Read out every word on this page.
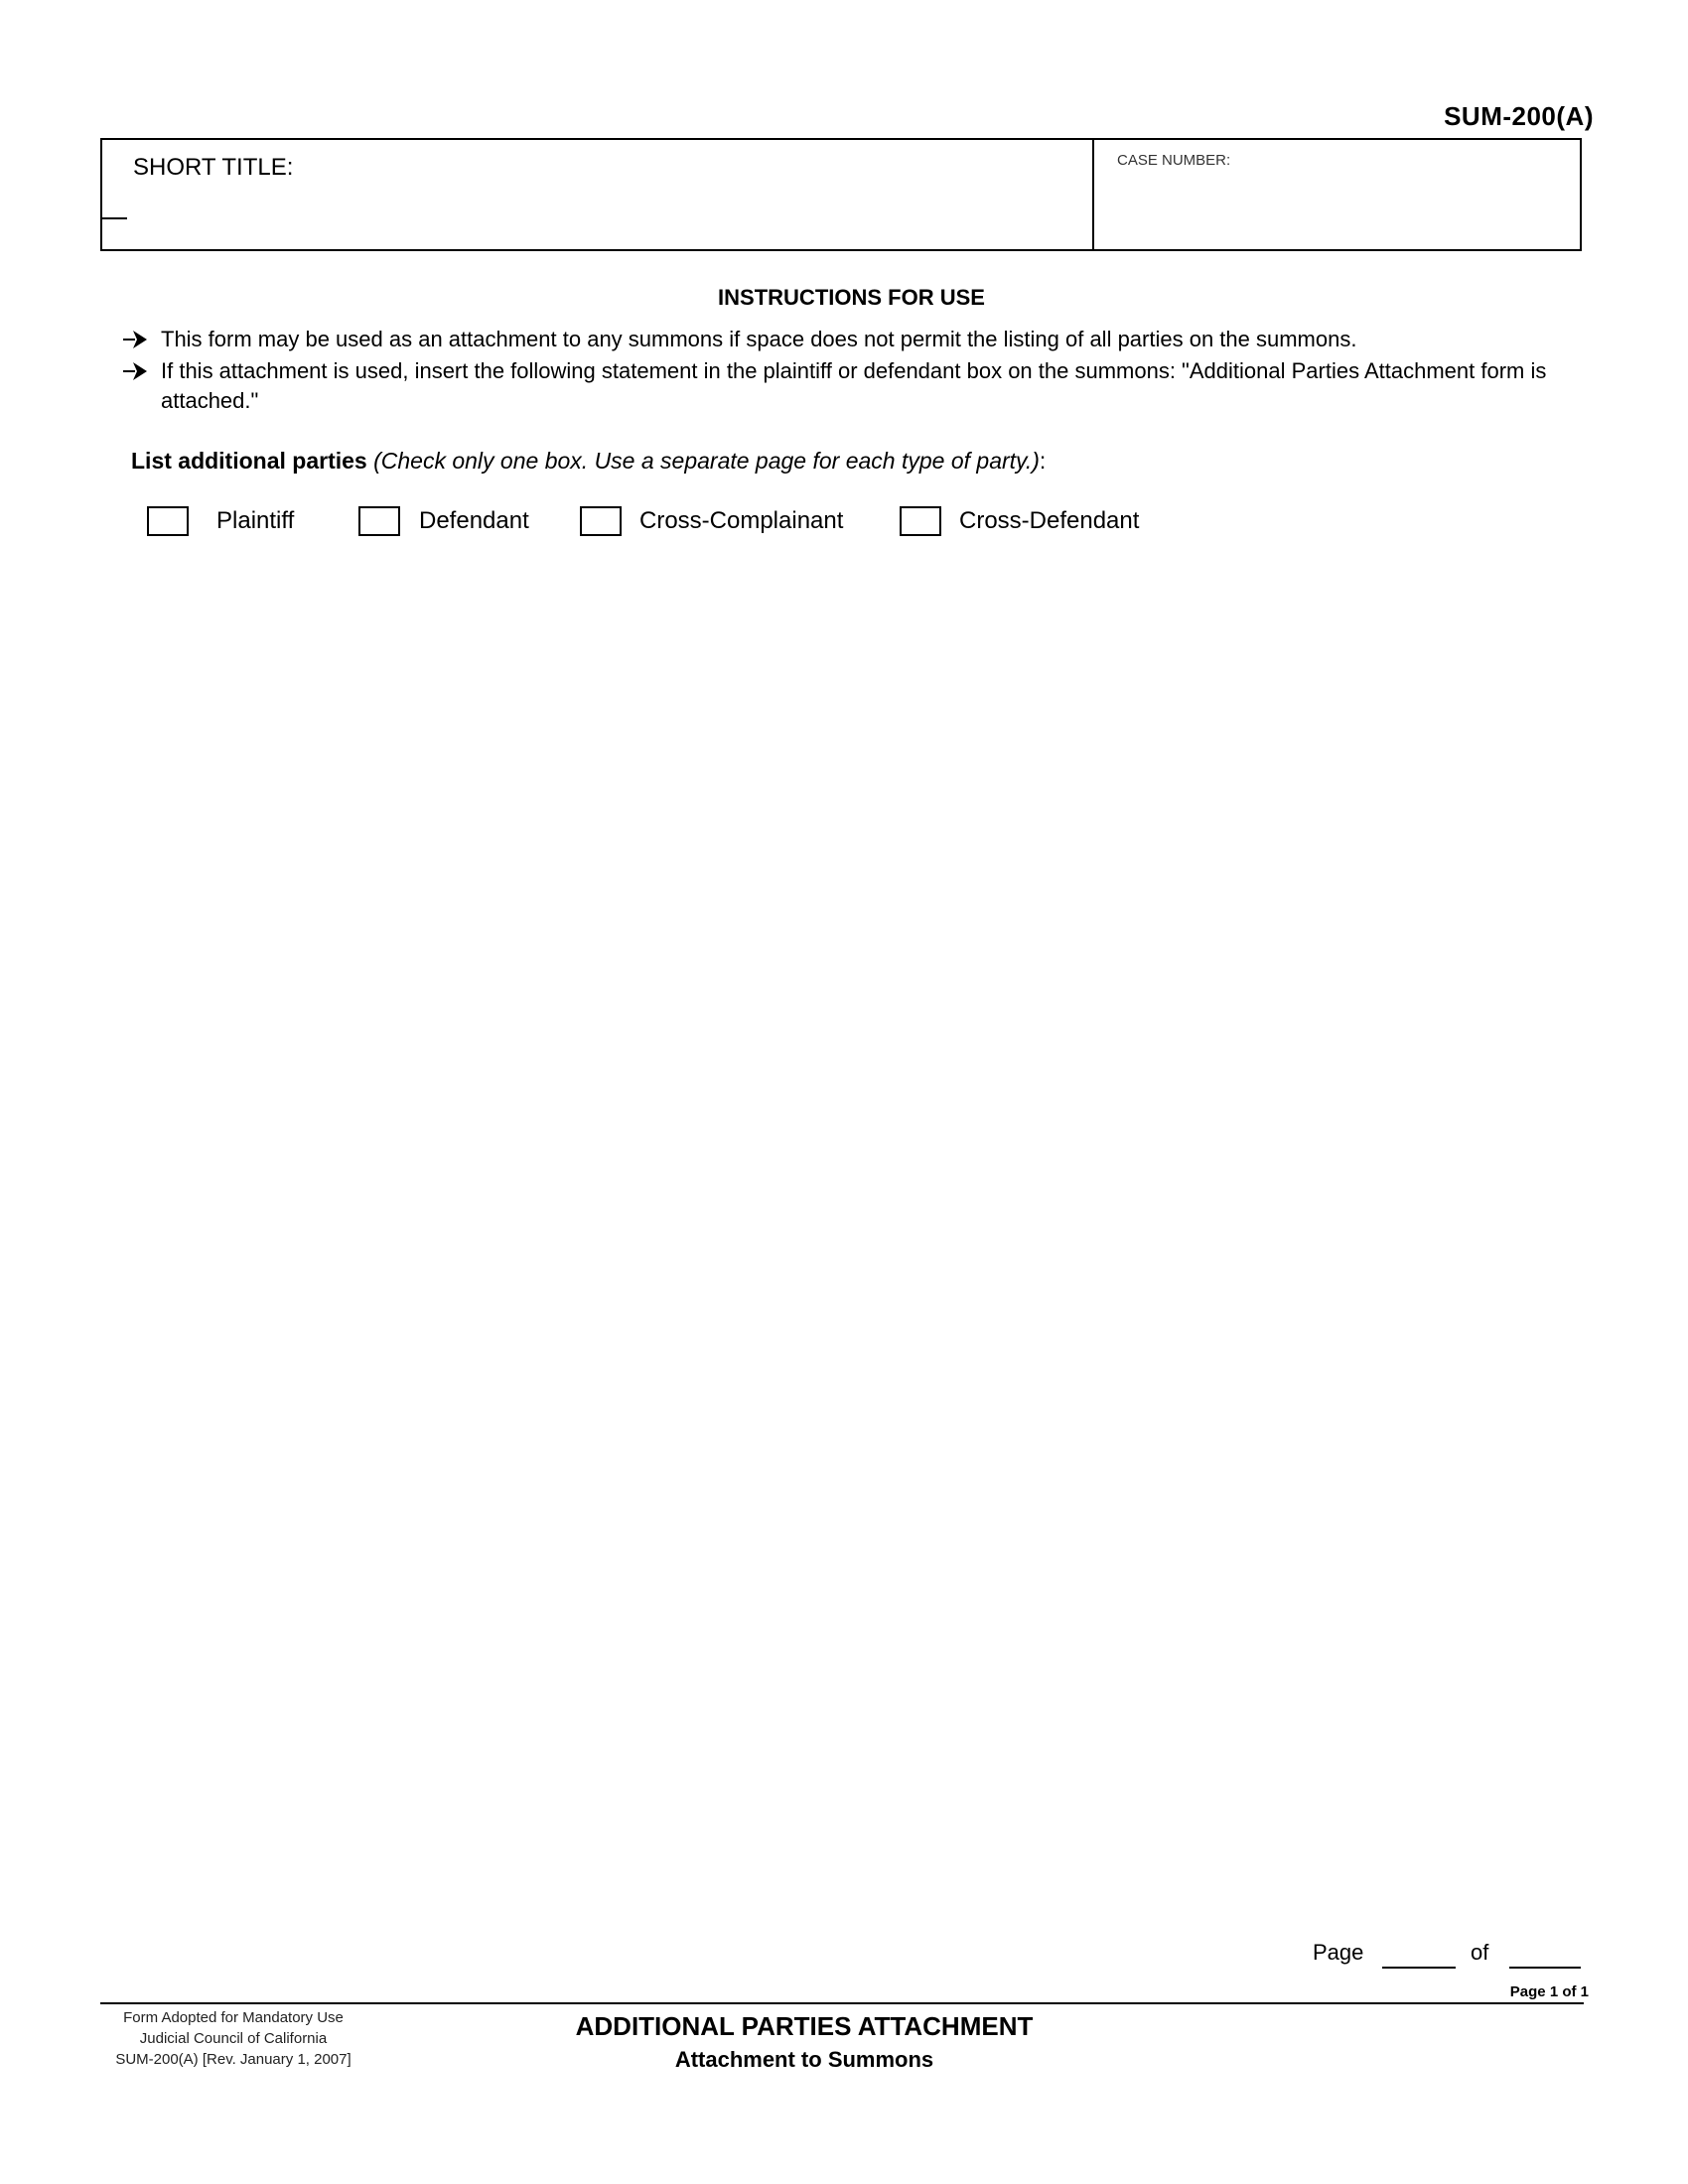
SUM-200(A)
SHORT TITLE:	CASE NUMBER:
INSTRUCTIONS FOR USE
This form may be used as an attachment to any summons if space does not permit the listing of all parties on the summons.
If this attachment is used, insert the following statement in the plaintiff or defendant box on the summons: "Additional Parties Attachment form is attached."
List additional parties (Check only one box. Use a separate page for each type of party.):
Plaintiff	Defendant	Cross-Complainant	Cross-Defendant
Page	of
Page 1 of 1
Form Adopted for Mandatory Use
Judicial Council of California
SUM-200(A) [Rev. January 1, 2007]
ADDITIONAL PARTIES ATTACHMENT
Attachment to Summons
